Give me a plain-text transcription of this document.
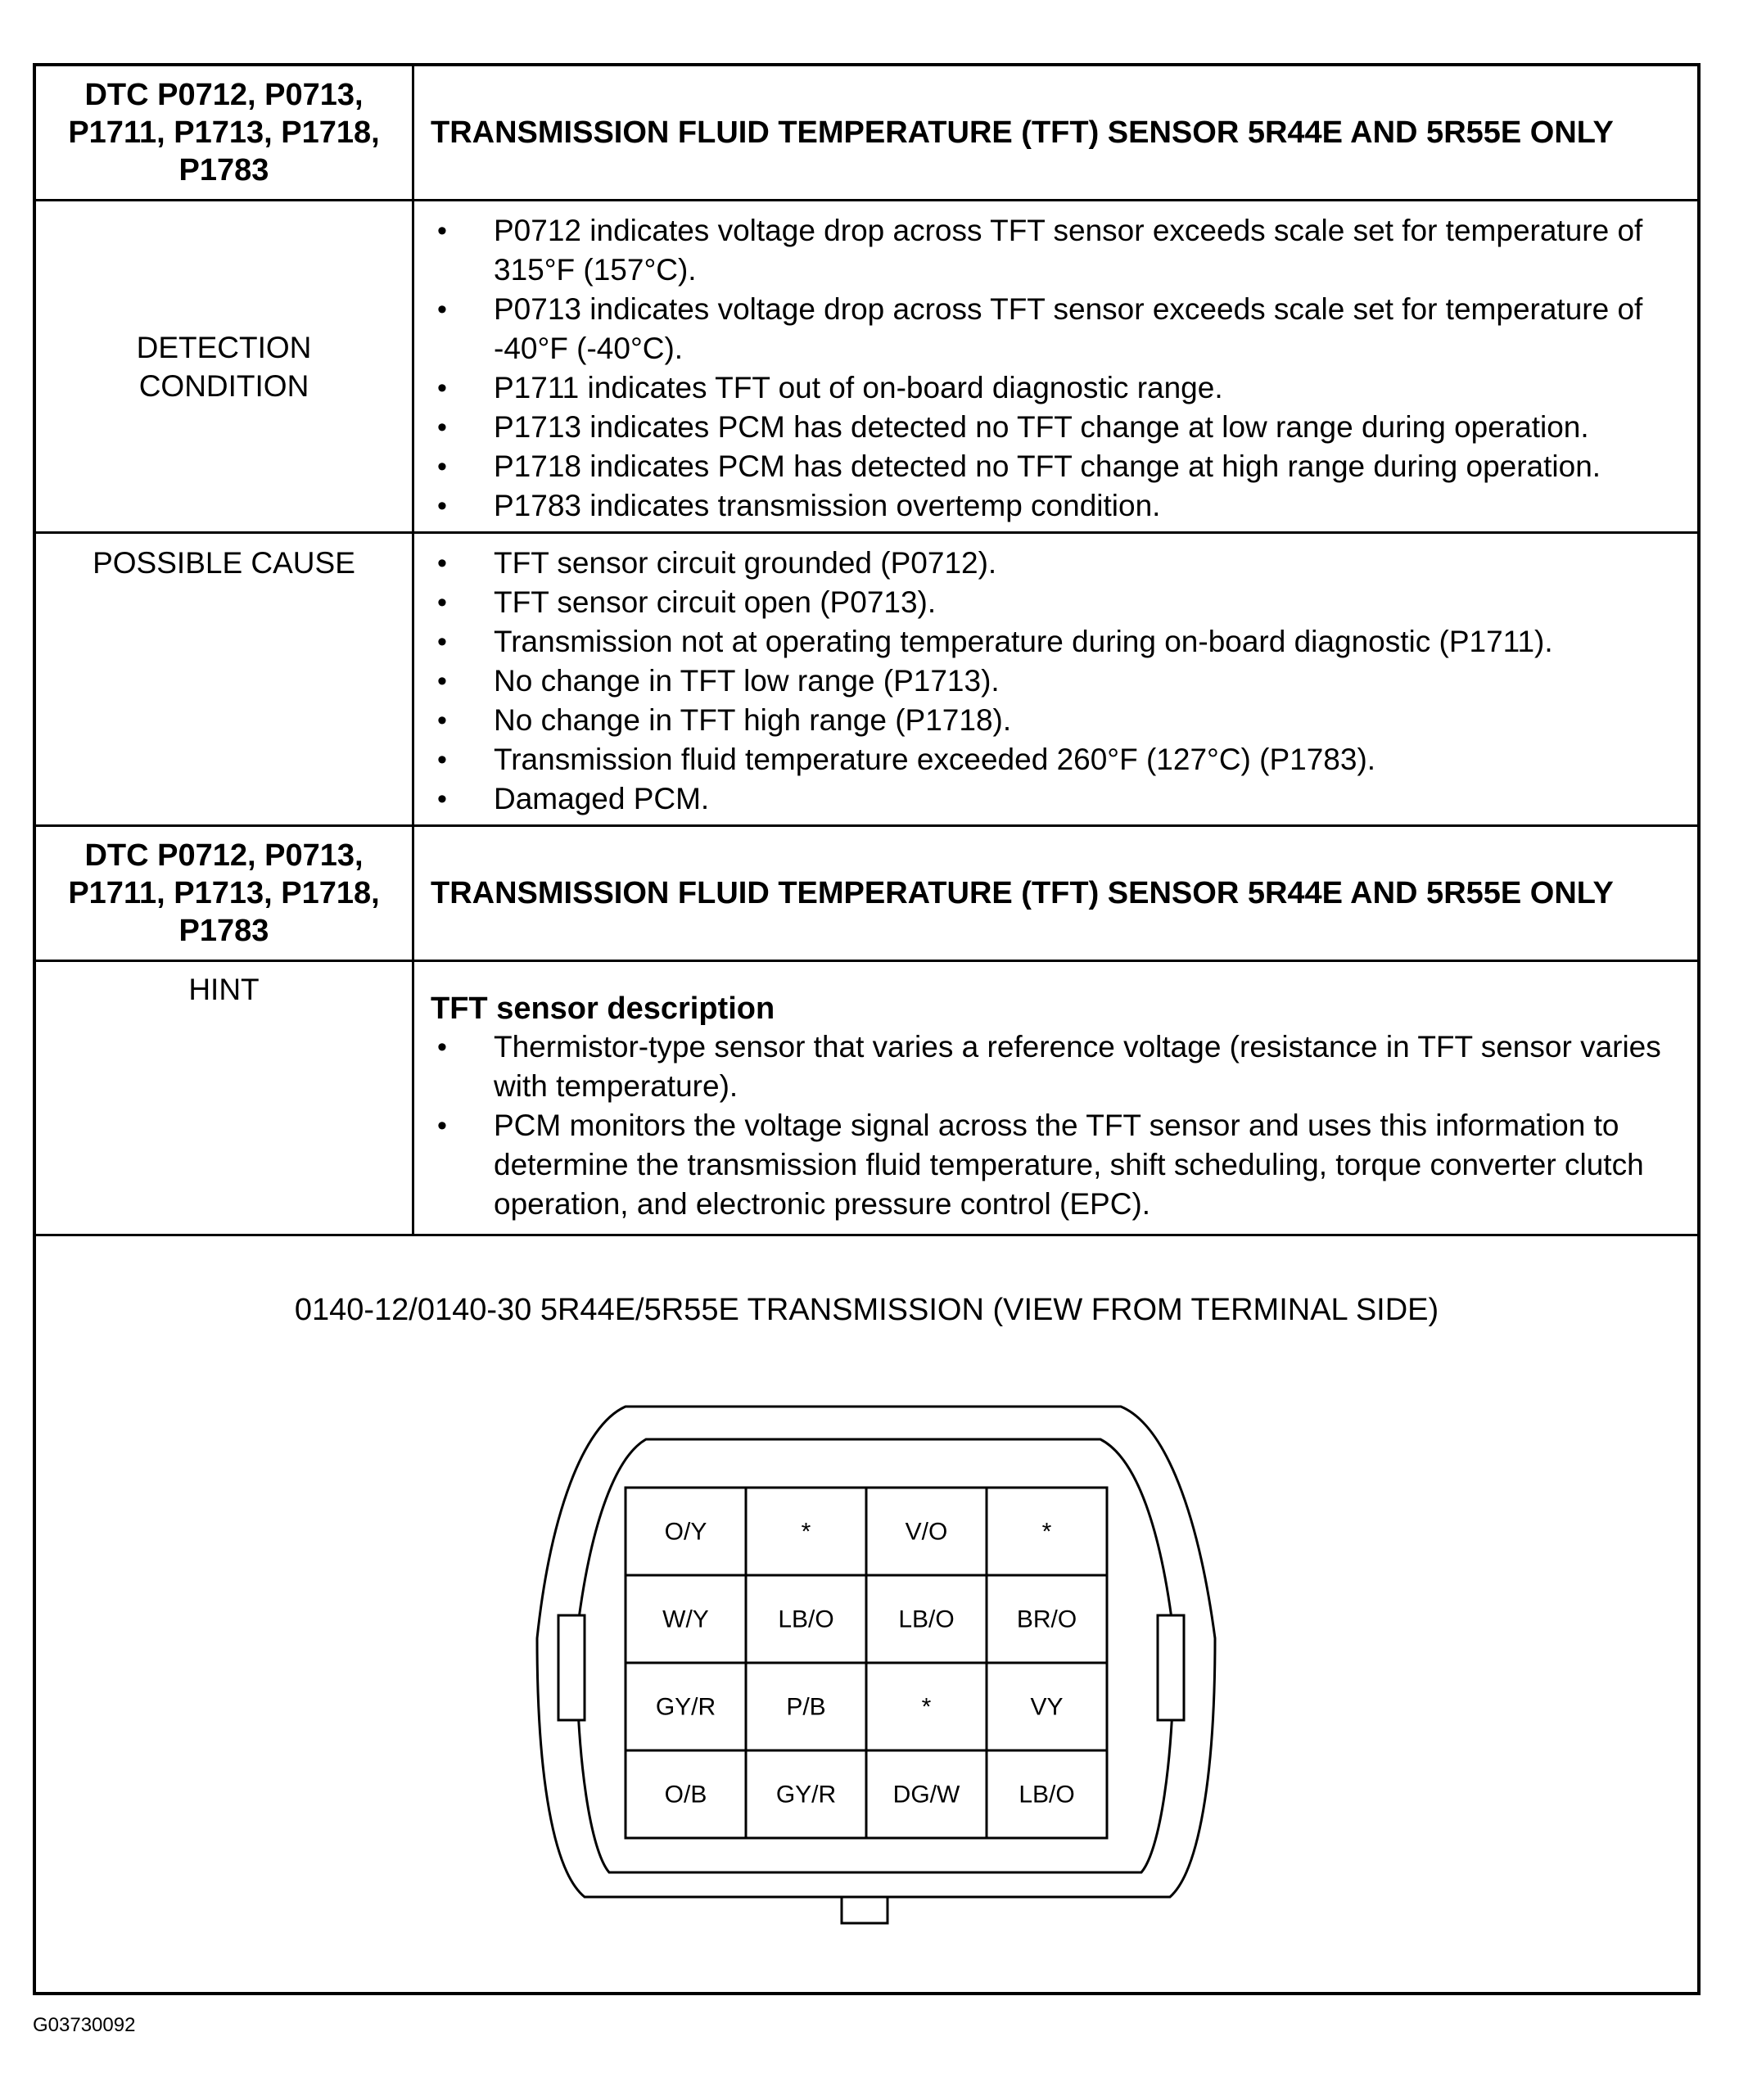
DTC P0712, P0713,
P1711, P1713, P1718,
P1783
TRANSMISSION FLUID TEMPERATURE (TFT) SENSOR 5R44E AND 5R55E ONLY
DETECTION
CONDITION
• P0712 indicates voltage drop across TFT sensor exceeds scale set for temperature of 315°F (157°C).
• P0713 indicates voltage drop across TFT sensor exceeds scale set for temperature of -40°F (-40°C).
• P1711 indicates TFT out of on-board diagnostic range.
• P1713 indicates PCM has detected no TFT change at low range during operation.
• P1718 indicates PCM has detected no TFT change at high range during operation.
• P1783 indicates transmission overtemp condition.
POSSIBLE CAUSE
•	TFT sensor circuit grounded (P0712).
• TFT sensor circuit open (P0713).
• Transmission not at operating temperature during on-board diagnostic (P1711).
• No change in TFT low range (P1713).
• No change in TFT high range (P1718).
• Transmission fluid temperature exceeded 260°F (127°C) (P1783).
• Damaged PCM.
DTC P0712, P0713,
P1711, P1713, P1718,
P1783
TRANSMISSION FLUID TEMPERATURE (TFT) SENSOR 5R44E AND 5R55E ONLY
HINT
TFT sensor description
• Thermistor-type sensor that varies a reference voltage (resistance in TFT sensor varies with temperature).
• PCM monitors the voltage signal across the TFT sensor and uses this information to determine the transmission fluid temperature, shift scheduling, torque converter clutch operation, and electronic pressure control (EPC).
0140-12/0140-30 5R44E/5R55E TRANSMISSION (VIEW FROM TERMINAL SIDE)
O/Y	*	V/O	*
W/Y	LB/O	LB/O	BR/O
GY/R	P/B	*	VY
O/B	GY/R DG/W LB/O
G03730092
